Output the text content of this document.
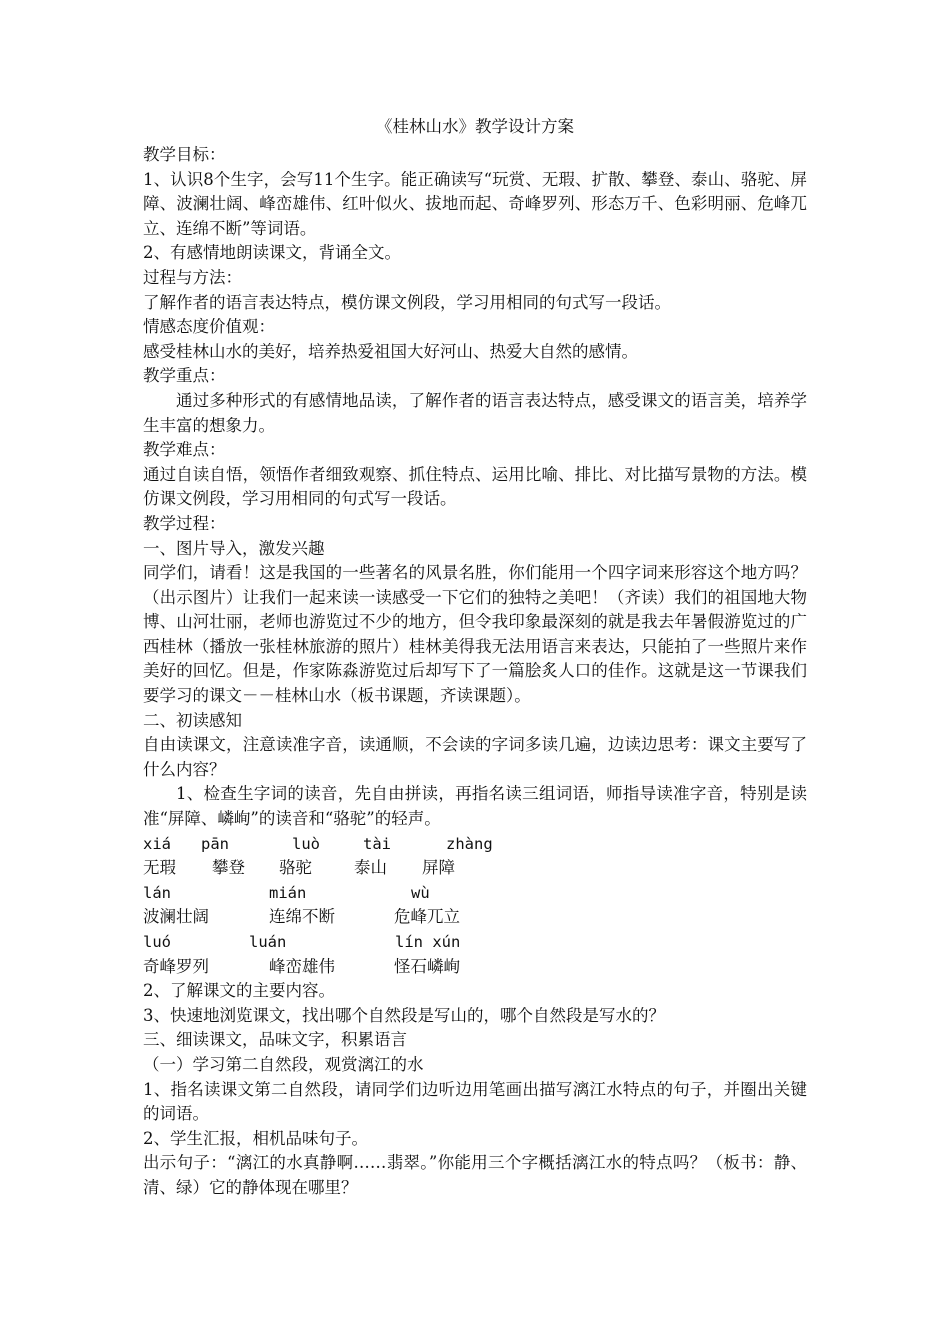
《桂林山水》教学设计方案

教学目标：

1、认识8个生字，会写11个生字。能正确读写“玩赏、无瑕、扩散、攀登、泰山、骆驼、屏障、波澜壮阔、峰峦雄伟、红叶似火、拔地而起、奇峰罗列、形态万千、色彩明丽、危峰兀立、连绵不断”等词语。

2、有感情地朗读课文，背诵全文。

过程与方法：

了解作者的语言表达特点，模仿课文例段，学习用相同的句式写一段话。

情感态度价值观：

感受桂林山水的美好，培养热爱祖国大好河山、热爱大自然的感情。

教学重点：

通过多种形式的有感情地品读，了解作者的语言表达特点，感受课文的语言美，培养学生丰富的想象力。

教学难点：

通过自读自悟，领悟作者细致观察、抓住特点、运用比喻、排比、对比描写景物的方法。模仿课文例段，学习用相同的句式写一段话。

教学过程：

一、图片导入，激发兴趣

同学们，请看！这是我国的一些著名的风景名胜，你们能用一个四字词来形容这个地方吗？（出示图片）让我们一起来读一读感受一下它们的独特之美吧！（齐读）我们的祖国地大物博、山河壮丽，老师也游览过不少的地方，但令我印象最深刻的就是我去年暑假游览过的广西桂林（播放一张桂林旅游的照片）桂林美得我无法用语言来表达，只能拍了一些照片来作美好的回忆。但是，作家陈淼游览过后却写下了一篇脍炙人口的佳作。这就是这一节课我们要学习的课文－－桂林山水（板书课题，齐读课题）。

二、初读感知

自由读课文，注意读准字音，读通顺，不会读的字词多读几遍，边读边思考：课文主要写了什么内容？

1、检查生字词的读音，先自由拼读，再指名读三组词语，师指导读准字音，特别是读准“屏障、嶙峋”的读音和“骆驼”的轻声。

xiá	pān	luò	tài	zhàng
无瑕	攀登	骆驼	泰山	屏障
lán	mián	wù
波澜壮阔	连绵不断	危峰兀立
luó	luán	lín xún
奇峰罗列	峰峦雄伟	怪石嶙峋

2、了解课文的主要内容。

3、快速地浏览课文，找出哪个自然段是写山的，哪个自然段是写水的？

三、细读课文，品味文字，积累语言

（一）学习第二自然段，观赏漓江的水

1、指名读课文第二自然段，请同学们边听边用笔画出描写漓江水特点的句子，并圈出关键的词语。

2、学生汇报，相机品味句子。

出示句子：“漓江的水真静啊……翡翠。”你能用三个字概括漓江水的特点吗？（板书：静、清、绿）它的静体现在哪里？
